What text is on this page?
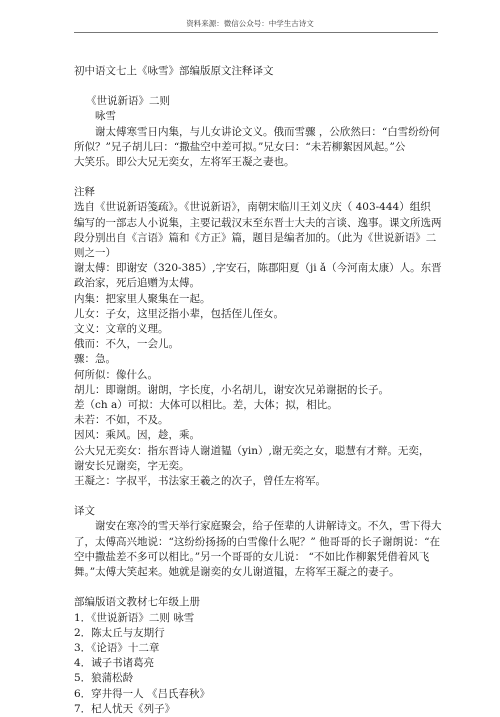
资料来源：微信公众号：中学生古诗文
初中语文七上《咏雪》部编版原文注释译文
《世说新语》二则
咏雪
谢太傅寒雪日内集，与儿女讲论文义。俄而雪骤 ，公欣然曰：“白雪纷纷何
所似？”兄子胡儿曰：“撒盐空中差可拟。”兄女曰：“未若柳絮因风起。”公
大笑乐。即公大兄无奕女，左将军王凝之妻也。
注释
选自《世说新语笺疏》。《世说新语》，南朝宋临川王刘义庆（ 403-444）组织
编写的一部志人小说集，主要记载汉末至东晋士大夫的言谈、逸事。课文所选两
段分别出自《言语》篇和《方正》篇，题目是编者加的。（此为《世说新语》二
则之一）
谢太傅：即谢安（320-385）,字安石，陈郡阳夏（ji ǎ（今河南太康）人。东晋
政治家，死后追赠为太傅。
内集：把家里人聚集在一起。
儿女：子女，这里泛指小辈，包括侄儿侄女。
文义：文章的义理。
俄而：不久，一会儿。
骤：急。
何所似：像什么。
胡儿：即谢朗。谢朗，字长度，小名胡儿，谢安次兄弟谢据的长子。
差（ch a）可拟：大体可以相比。差，大体；拟，相比。
未若：不如，不及。
因风：乘风。因，趁，乘。
公大兄无奕女：指东晋诗人谢道韫（yin）,谢无奕之女，聪慧有才辩。无奕，
谢安长兄谢奕，字无奕。
王凝之：字叔平，书法家王羲之的次子，曾任左将军。
译文
谢安在寒冷的雪天举行家庭聚会，给子侄辈的人讲解诗文。不久，雪下得大
了，太傅高兴地说：“这纷纷扬扬的白雪像什么呢？” 他哥哥的长子谢朗说：“在
空中撒盐差不多可以相比。”另一个哥哥的女儿说： “不如比作柳絮凭借着风飞
舞。”太傅大笑起来。她就是谢奕的女儿谢道韫，左将军王凝之的妻子。
部编版语文教材七年级上册
1．《世说新语》二则 咏雪
2．陈太丘与友期行
3．《论语》十二章
4．诫子书诸葛亮
5．狼蒲松龄
6．穿井得一人 《吕氏春秋》
7．杞人忧天《列子》
